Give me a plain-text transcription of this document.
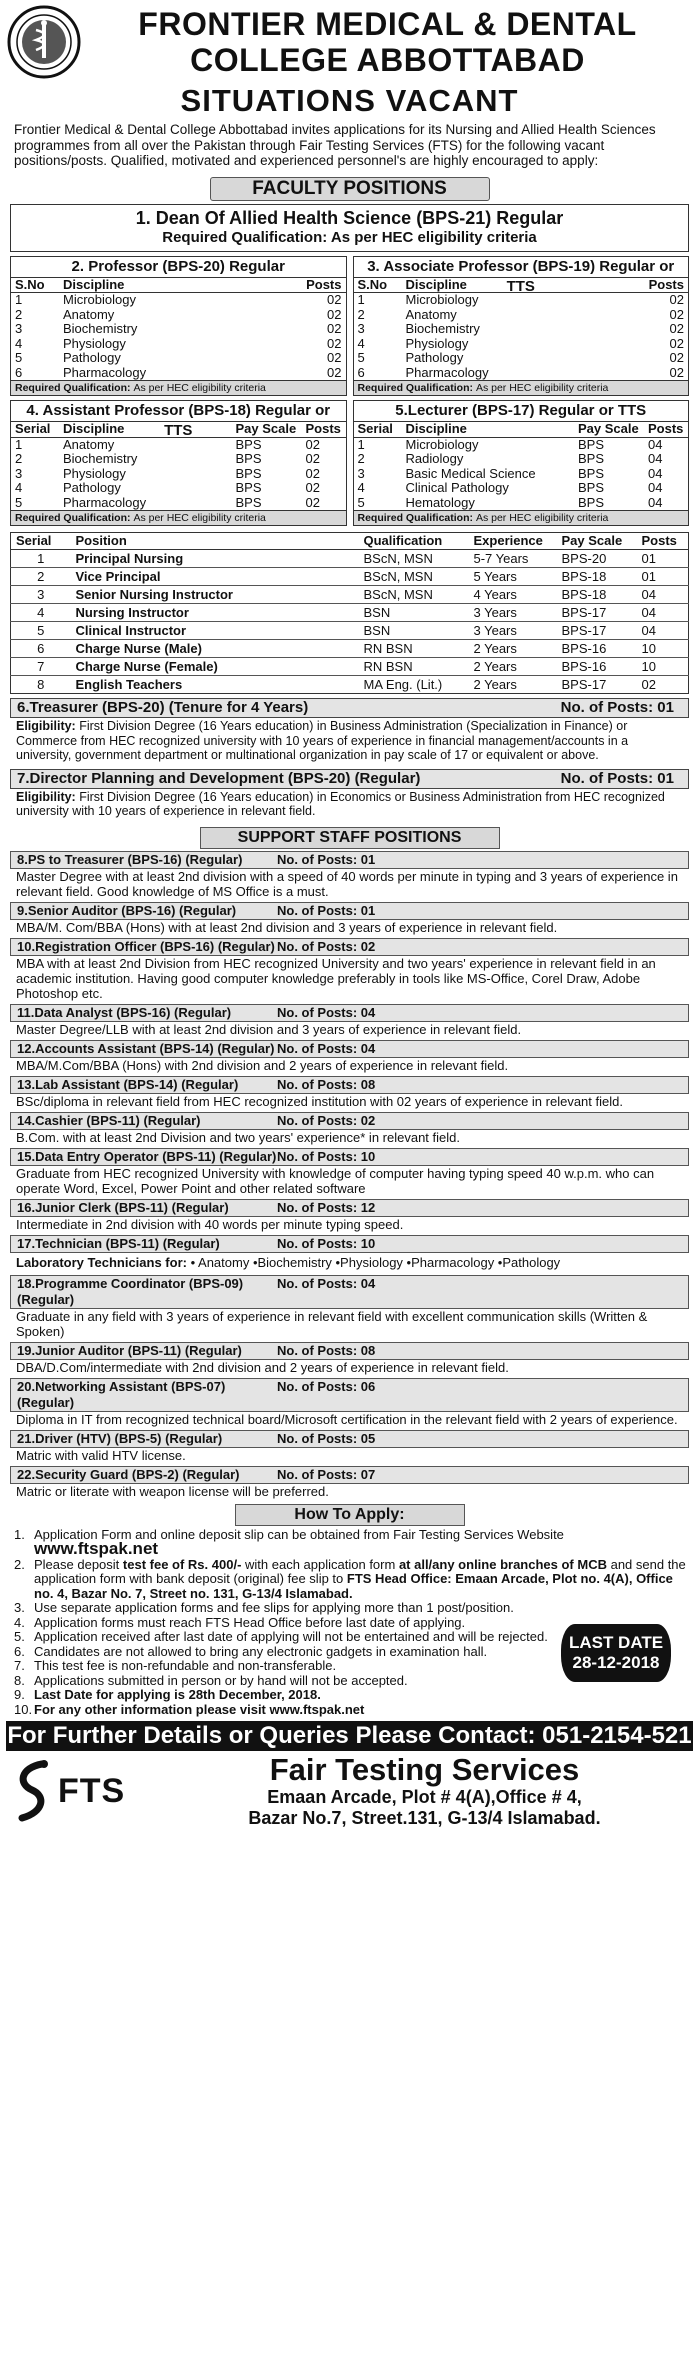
FRONTIER MEDICAL & DENTAL
COLLEGE ABBOTTABAD
SITUATIONS VACANT
Frontier Medical & Dental College Abbottabad invites applications for its Nursing and Allied Health Sciences programmes from all over the Pakistan through Fair Testing Services (FTS) for the following vacant positions/posts. Qualified, motivated and experienced personnel's are highly encouraged to apply:
FACULTY POSITIONS
1. Dean Of Allied Health Science (BPS-21) Regular
Required Qualification: As per HEC eligibility criteria
2. Professor (BPS-20) Regular
S.No	Discipline	Posts
1	Microbiology	02
2	Anatomy	02
3	Biochemistry	02
4	Physiology	02
5	Pathology	02
6	Pharmacology	02
Required Qualification: As per HEC eligibility criteria
3. Associate Professor (BPS-19) Regular or TTS
S.No	Discipline	Posts
1	Microbiology	02
2	Anatomy	02
3	Biochemistry	02
4	Physiology	02
5	Pathology	02
6	Pharmacology	02
Required Qualification: As per HEC eligibility criteria
4. Assistant Professor (BPS-18) Regular or TTS
Serial	Discipline	Pay Scale	Posts
1	Anatomy	BPS	02
2	Biochemistry	BPS	02
3	Physiology	BPS	02
4	Pathology	BPS	02
5	Pharmacology	BPS	02
Required Qualification: As per HEC eligibility criteria
5.Lecturer (BPS-17) Regular or TTS
Serial	Discipline	Pay Scale	Posts
1	Microbiology	BPS	04
2	Radiology	BPS	04
3	Basic Medical Science	BPS	04
4	Clinical Pathology	BPS	04
5	Hematology	BPS	04
Required Qualification: As per HEC eligibility criteria
Serial	Position	Qualification	Experience	Pay Scale	Posts
1	Principal Nursing	BScN, MSN	5-7 Years	BPS-20	01
2	Vice Principal	BScN, MSN	5 Years	BPS-18	01
3	Senior Nursing Instructor	BScN, MSN	4 Years	BPS-18	04
4	Nursing Instructor	BSN	3 Years	BPS-17	04
5	Clinical Instructor	BSN	3 Years	BPS-17	04
6	Charge Nurse (Male)	RN BSN	2 Years	BPS-16	10
7	Charge Nurse (Female)	RN BSN	2 Years	BPS-16	10
8	English Teachers	MA Eng. (Lit.)	2 Years	BPS-17	02
6.Treasurer (BPS-20) (Tenure for 4 Years)	No. of Posts: 01
Eligibility: First Division Degree (16 Years education) in Business Administration (Specialization in Finance) or Commerce from HEC recognized university with 10 years of experience in financial management/accounts in a university, government department or multinational organization in pay scale of 17 or equivalent or above.
7.Director Planning and Development (BPS-20) (Regular)	No. of Posts: 01
Eligibility: First Division Degree (16 Years education) in Economics or Business Administration from HEC recognized university with 10 years of experience in relevant field.
SUPPORT STAFF POSITIONS
8.PS to Treasurer (BPS-16) (Regular)	No. of Posts: 01
Master Degree with at least 2nd division with a speed of 40 words per minute in typing and 3 years of experience in relevant field. Good knowledge of MS Office is a must.
9.Senior Auditor (BPS-16) (Regular)	No. of Posts: 01
MBA/M. Com/BBA (Hons) with at least 2nd division and 3 years of experience in relevant field.
10.Registration Officer (BPS-16) (Regular) No. of Posts: 02
MBA with at least 2nd Division from HEC recognized University and two years' experience in relevant field in an academic institution. Having good computer knowledge preferably in tools like MS-Office, Corel Draw, Adobe Photoshop etc.
11.Data Analyst (BPS-16) (Regular)	No. of Posts: 04
Master Degree/LLB with at least 2nd division and 3 years of experience in relevant field.
12.Accounts Assistant (BPS-14) (Regular) No. of Posts: 04
MBA/M.Com/BBA (Hons) with 2nd division and 2 years of experience in relevant field.
13.Lab Assistant (BPS-14) (Regular)	No. of Posts: 08
BSc/diploma in relevant field from HEC recognized institution with 02 years of experience in relevant field.
14.Cashier (BPS-11) (Regular)	No. of Posts: 02
B.Com. with at least 2nd Division and two years' experience* in relevant field.
15.Data Entry Operator (BPS-11) (Regular) No. of Posts: 10
Graduate from HEC recognized University with knowledge of computer having typing speed 40 w.p.m. who can operate Word, Excel, Power Point and other related software
16.Junior Clerk (BPS-11) (Regular)	No. of Posts: 12
Intermediate in 2nd division with 40 words per minute typing speed.
17.Technician (BPS-11) (Regular)	No. of Posts: 10
Laboratory Technicians for: • Anatomy •Biochemistry •Physiology •Pharmacology •Pathology
18.Programme Coordinator (BPS-09) (Regular)
No. of Posts: 04
Graduate in any field with 3 years of experience in relevant field with excellent communication skills (Written & Spoken)
19.Junior Auditor (BPS-11) (Regular)	No. of Posts: 08
DBA/D.Com/intermediate with 2nd division and 2 years of experience in relevant field.
20.Networking Assistant (BPS-07) (Regular)
No. of Posts: 06
Diploma in IT from recognized technical board/Microsoft certification in the relevant field with 2 years of experience.
21.Driver (HTV) (BPS-5) (Regular)	No. of Posts: 05
Matric with valid HTV license.
22.Security Guard (BPS-2) (Regular)	No. of Posts: 07
Matric or literate with weapon license will be preferred.
How To Apply:
1. Application Form and online deposit slip can be obtained from Fair Testing Services Website www.ftspak.net
2. Please deposit test fee of Rs. 400/- with each application form at all/any online branches of MCB and send the application form with bank deposit (original) fee slip to FTS Head Office: Emaan Arcade, Plot no. 4(A), Office no. 4, Bazar No. 7, Street no. 131, G-13/4 Islamabad.
3. Use separate application forms and fee slips for applying more than 1 post/position.
4. Application forms must reach FTS Head Office before last date of applying.
5. Application received after last date of applying will not be entertained and will be rejected.
6. Candidates are not allowed to bring any electronic gadgets in examination hall.
7. This test fee is non-refundable and non-transferable.
8. Applications submitted in person or by hand will not be accepted.
9. Last Date for applying is 28th December, 2018.
10. For any other information please visit www.ftspak.net
LAST DATE
28-12-2018
For Further Details or Queries Please Contact: 051-2154-521
FTS
Fair Testing Services
Emaan Arcade, Plot # 4(A),Office # 4,
Bazar No.7, Street.131, G-13/4 Islamabad.
